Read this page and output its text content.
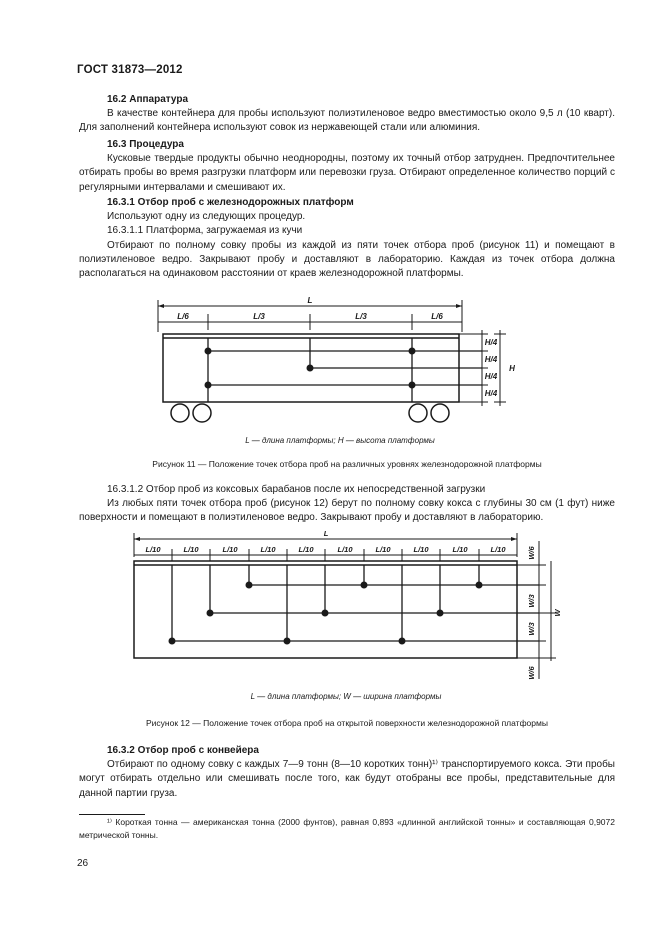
ГОСТ 31873—2012

16.2 Аппаратура

В качестве контейнера для пробы используют полиэтиленовое ведро вместимостью около 9,5 л (10 кварт). Для заполнений контейнера используют совок из нержавеющей стали или алюминия.

16.3 Процедура

Кусковые твердые продукты обычно неоднородны, поэтому их точный отбор затруднен. Предпочтительнее отбирать пробы во время разгрузки платформ или перевозки груза. Отбирают определенное количество порций с регулярными интервалами и смешивают их.

16.3.1 Отбор проб с железнодорожных платформ

Используют одну из следующих процедур.

16.3.1.1 Платформа, загружаемая из кучи

Отбирают по полному совку пробы из каждой из пяти точек отбора проб (рисунок 11) и помещают в полиэтиленовое ведро. Закрывают пробу и доставляют в лабораторию. Каждая из точек отбора должна располагаться на одинаковом расстоянии от краев железнодорожной платформы.

L
L/6	L/3	L/3	L/6
H/4
H/4
H/4
H/4
H
L — длина платформы; H — высота платформы
Рисунок 11 — Положение точек отбора проб на различных уровнях железнодорожной платформы

16.3.1.2 Отбор проб из коксовых барабанов после их непосредственной загрузки

Из любых пяти точек отбора проб (рисунок 12) берут по полному совку кокса с глубины 30 см (1 фут) ниже поверхности и помещают в полиэтиленовое ведро. Закрывают пробу и доставляют в лабораторию.

L
L/10	L/10	L/10	L/10	L/10	L/10	L/10	L/10	L/10	L/10	W/6
W/3
W/3
W/6
W
L — длина платформы; W — ширина платформы
Рисунок 12 — Положение точек отбора проб на открытой поверхности железнодорожной платформы

16.3.2 Отбор проб с конвейера

Отбирают по одному совку с каждых 7—9 тонн (8—10 коротких тонн)¹⁾ транспортируемого кокса. Эти пробы могут отбирать отдельно или смешивать после того, как будут отобраны все пробы, представительные для данной партии груза.

¹⁾ Короткая тонна — американская тонна (2000 фунтов), равная 0,893 «длинной английской тонны» и составляющая 0,9072 метрической тонны.

26
